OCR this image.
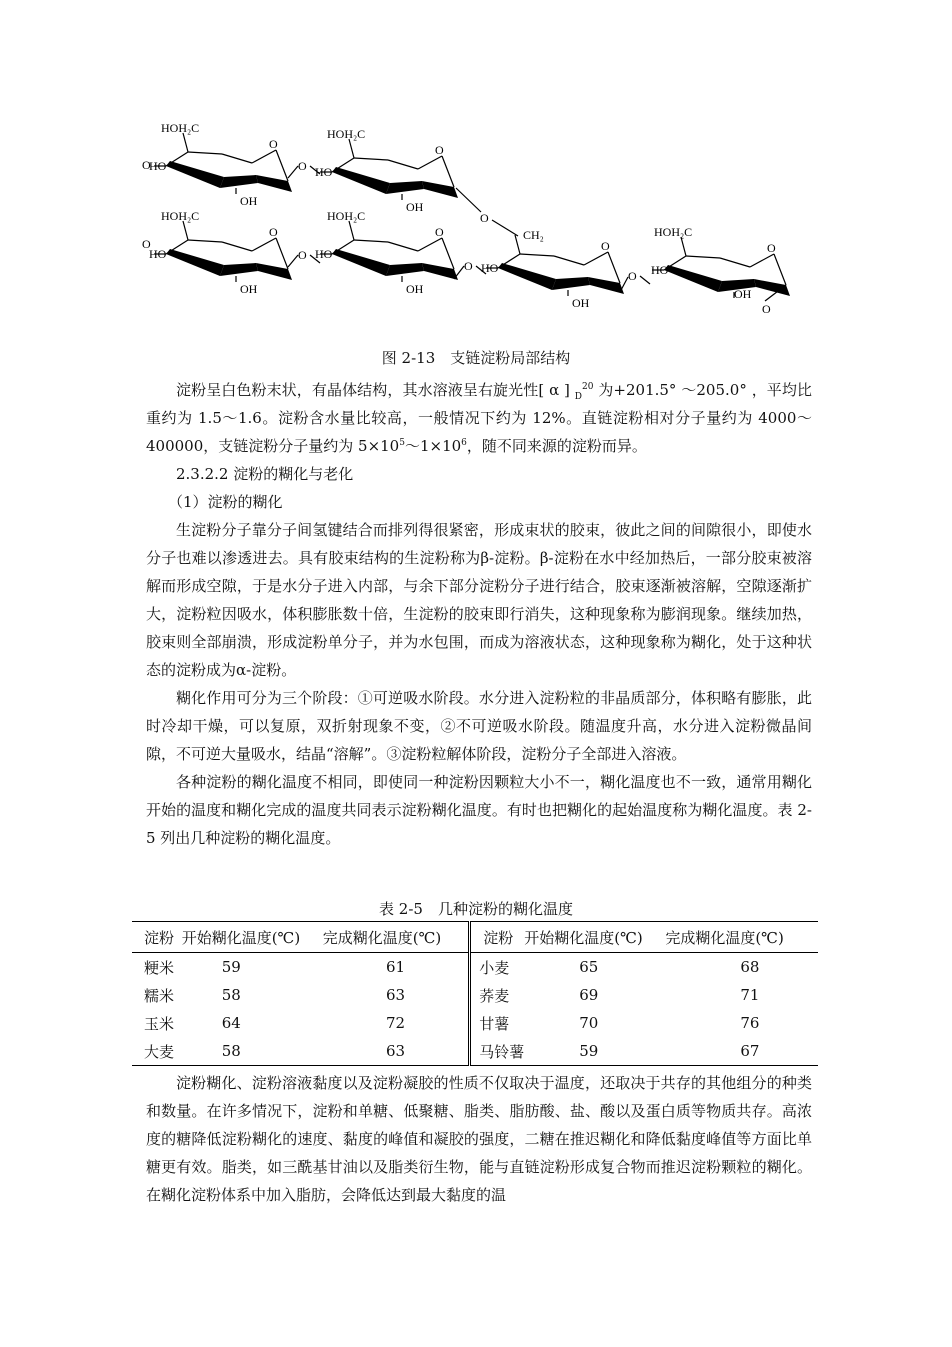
HOH₂C
HO
O
OH
O	O
HOH₂C
HO
O
OH
O
HOH₂C
HO
O
OH
O
O
HOH₂C
HO
O
OH
O
CH₂
HO
O
OH
O
HOH₂C
HO
O
OH
O
图 2-13　支链淀粉局部结构

淀粉呈白色粉末状，有晶体结构，其水溶液呈右旋光性[ α ] $_D^{20}$ 为+201.5° ～205.0° ，平均比重约为 1.5～1.6。淀粉含水量比较高，一般情况下约为 12%。直链淀粉相对分子量约为 4000～400000，支链淀粉分子量约为 $5\times 10^5\sim 1\times 10^6$，随不同来源的淀粉而异。

2.3.2.2 淀粉的糊化与老化

（1）淀粉的糊化

生淀粉分子靠分子间氢键结合而排列得很紧密，形成束状的胶束，彼此之间的间隙很小，即使水分子也难以渗透进去。具有胶束结构的生淀粉称为β-淀粉。β-淀粉在水中经加热后，一部分胶束被溶解而形成空隙，于是水分子进入内部，与余下部分淀粉分子进行结合，胶束逐渐被溶解，空隙逐渐扩大，淀粉粒因吸水，体积膨胀数十倍，生淀粉的胶束即行消失，这种现象称为膨润现象。继续加热，胶束则全部崩溃，形成淀粉单分子，并为水包围，而成为溶液状态，这种现象称为糊化，处于这种状态的淀粉成为α-淀粉。

糊化作用可分为三个阶段：①可逆吸水阶段。水分进入淀粉粒的非晶质部分，体积略有膨胀，此时冷却干燥，可以复原，双折射现象不变，②不可逆吸水阶段。随温度升高，水分进入淀粉微晶间隙，不可逆大量吸水，结晶“溶解”。③淀粉粒解体阶段，淀粉分子全部进入溶液。

各种淀粉的糊化温度不相同，即使同一种淀粉因颗粒大小不一，糊化温度也不一致，通常用糊化开始的温度和糊化完成的温度共同表示淀粉糊化温度。有时也把糊化的起始温度称为糊化温度。表 2-5 列出几种淀粉的糊化温度。

表 2-5　几种淀粉的糊化温度
淀粉	开始糊化温度(℃)	完成糊化温度(℃)	淀粉	开始糊化温度(℃)	完成糊化温度(℃)
粳米	59	61	小麦	65	68
糯米	58	63	荞麦	69	71
玉米	64	72	甘薯	70	76
大麦	58	63	马铃薯	59	67

淀粉糊化、淀粉溶液黏度以及淀粉凝胶的性质不仅取决于温度，还取决于共存的其他组分的种类和数量。在许多情况下，淀粉和单糖、低聚糖、脂类、脂肪酸、盐、酸以及蛋白质等物质共存。高浓度的糖降低淀粉糊化的速度、黏度的峰值和凝胶的强度，二糖在推迟糊化和降低黏度峰值等方面比单糖更有效。脂类，如三酰基甘油以及脂类衍生物，能与直链淀粉形成复合物而推迟淀粉颗粒的糊化。在糊化淀粉体系中加入脂肪，会降低达到最大黏度的温
